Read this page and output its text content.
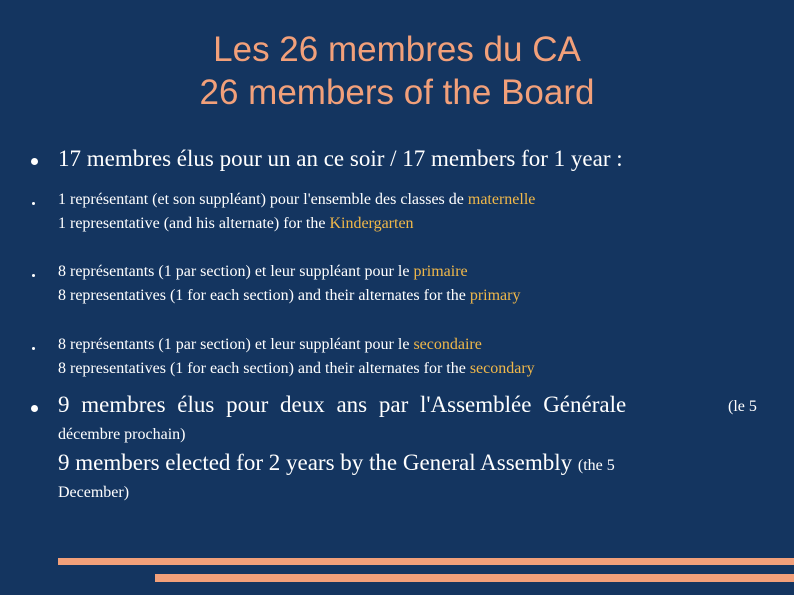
Les 26 membres du CA
26 members of the Board
17 membres élus pour un an ce soir / 17 members for 1 year :
1 représentant (et son suppléant) pour l'ensemble des classes de maternelle
1 representative (and his alternate) for the Kindergarten
8 représentants (1 par section) et leur suppléant pour le primaire
8 representatives (1 for each section) and their alternates for the primary
8 représentants (1 par section) et leur suppléant pour le secondaire
8 representatives (1 for each section) and their alternates for the secondary
9 membres élus pour deux ans par l'Assemblée Générale	(le 5
décembre prochain)
9 members elected for 2 years by the General Assembly (the 5
December)
